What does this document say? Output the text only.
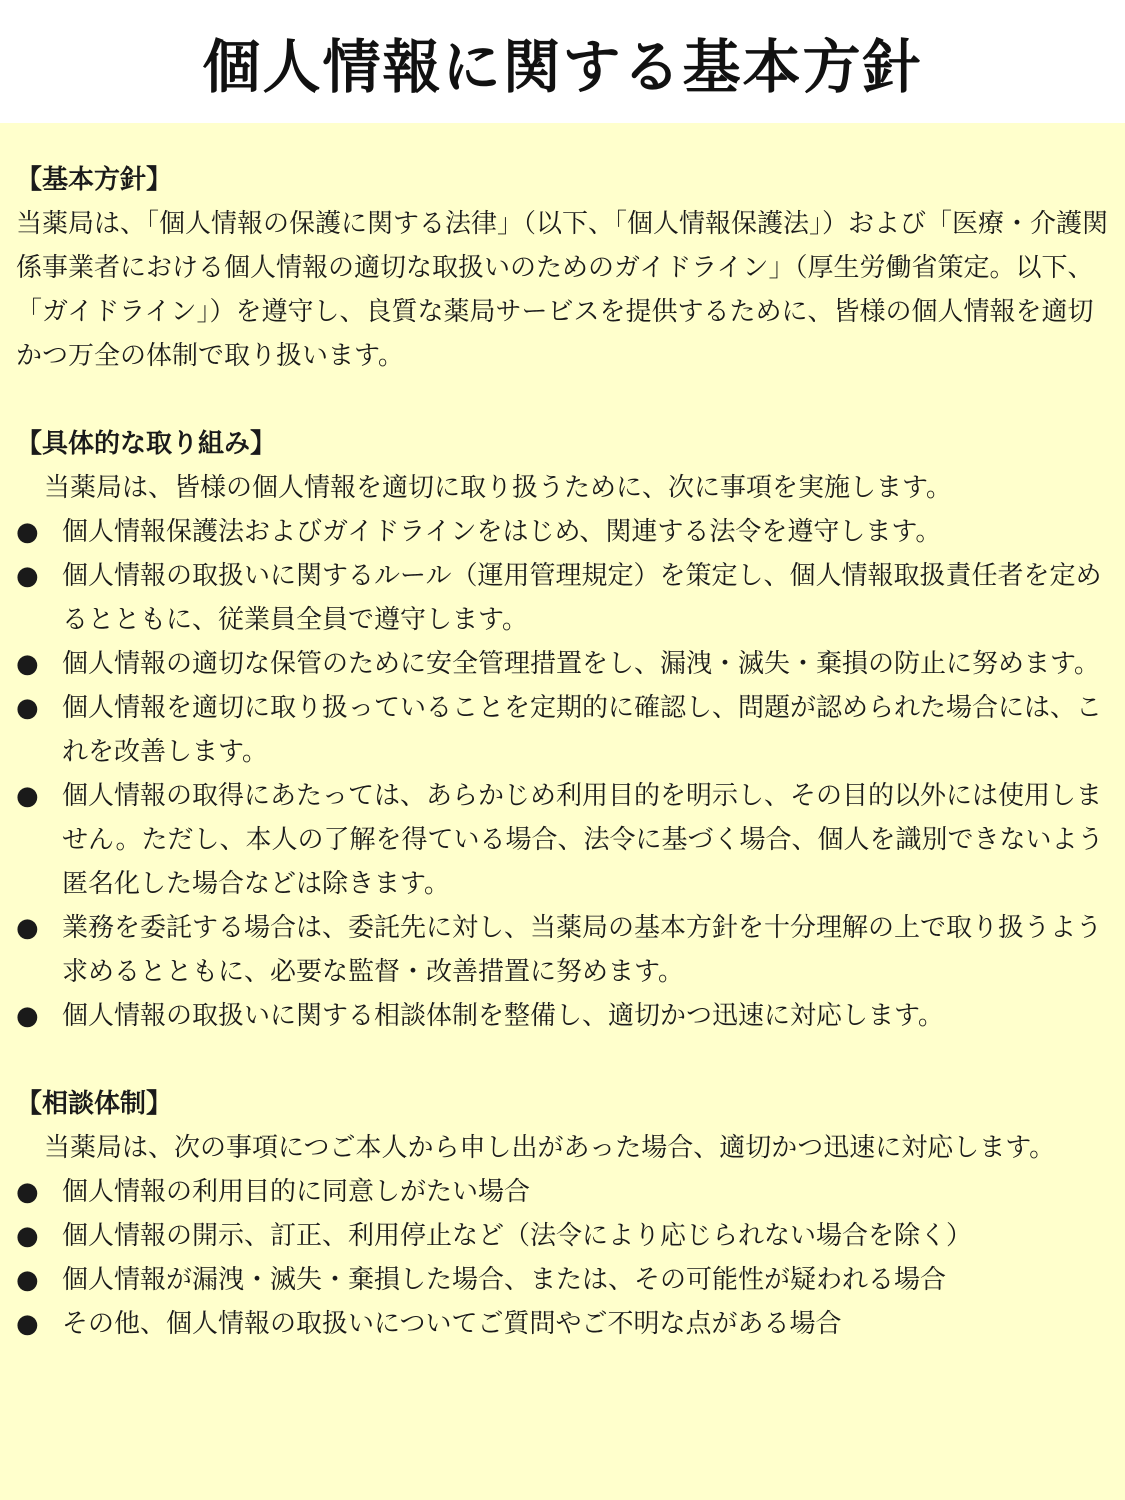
個人情報に関する基本方針

【基本方針】

当薬局は、「個人情報の保護に関する法律」（以下、「個人情報保護法」）および「医療・介護関係事業者における個人情報の適切な取扱いのためのガイドライン」（厚生労働省策定。以下、「ガイドライン」）を遵守し、良質な薬局サービスを提供するために、皆様の個人情報を適切かつ万全の体制で取り扱います。

【具体的な取り組み】

当薬局は、皆様の個人情報を適切に取り扱うために、次に事項を実施します。

● 個人情報保護法およびガイドラインをはじめ、関連する法令を遵守します。
● 個人情報の取扱いに関するルール（運用管理規定）を策定し、個人情報取扱責任者を定めるとともに、従業員全員で遵守します。
● 個人情報の適切な保管のために安全管理措置をし、漏洩・滅失・棄損の防止に努めます。
● 個人情報を適切に取り扱っていることを定期的に確認し、問題が認められた場合には、これを改善します。
● 個人情報の取得にあたっては、あらかじめ利用目的を明示し、その目的以外には使用しません。ただし、本人の了解を得ている場合、法令に基づく場合、個人を識別できないよう匿名化した場合などは除きます。
● 業務を委託する場合は、委託先に対し、当薬局の基本方針を十分理解の上で取り扱うよう求めるとともに、必要な監督・改善措置に努めます。
● 個人情報の取扱いに関する相談体制を整備し、適切かつ迅速に対応します。

【相談体制】

当薬局は、次の事項につご本人から申し出があった場合、適切かつ迅速に対応します。

● 個人情報の利用目的に同意しがたい場合
● 個人情報の開示、訂正、利用停止など（法令により応じられない場合を除く）
● 個人情報が漏洩・滅失・棄損した場合、または、その可能性が疑われる場合
● その他、個人情報の取扱いについてご質問やご不明な点がある場合
